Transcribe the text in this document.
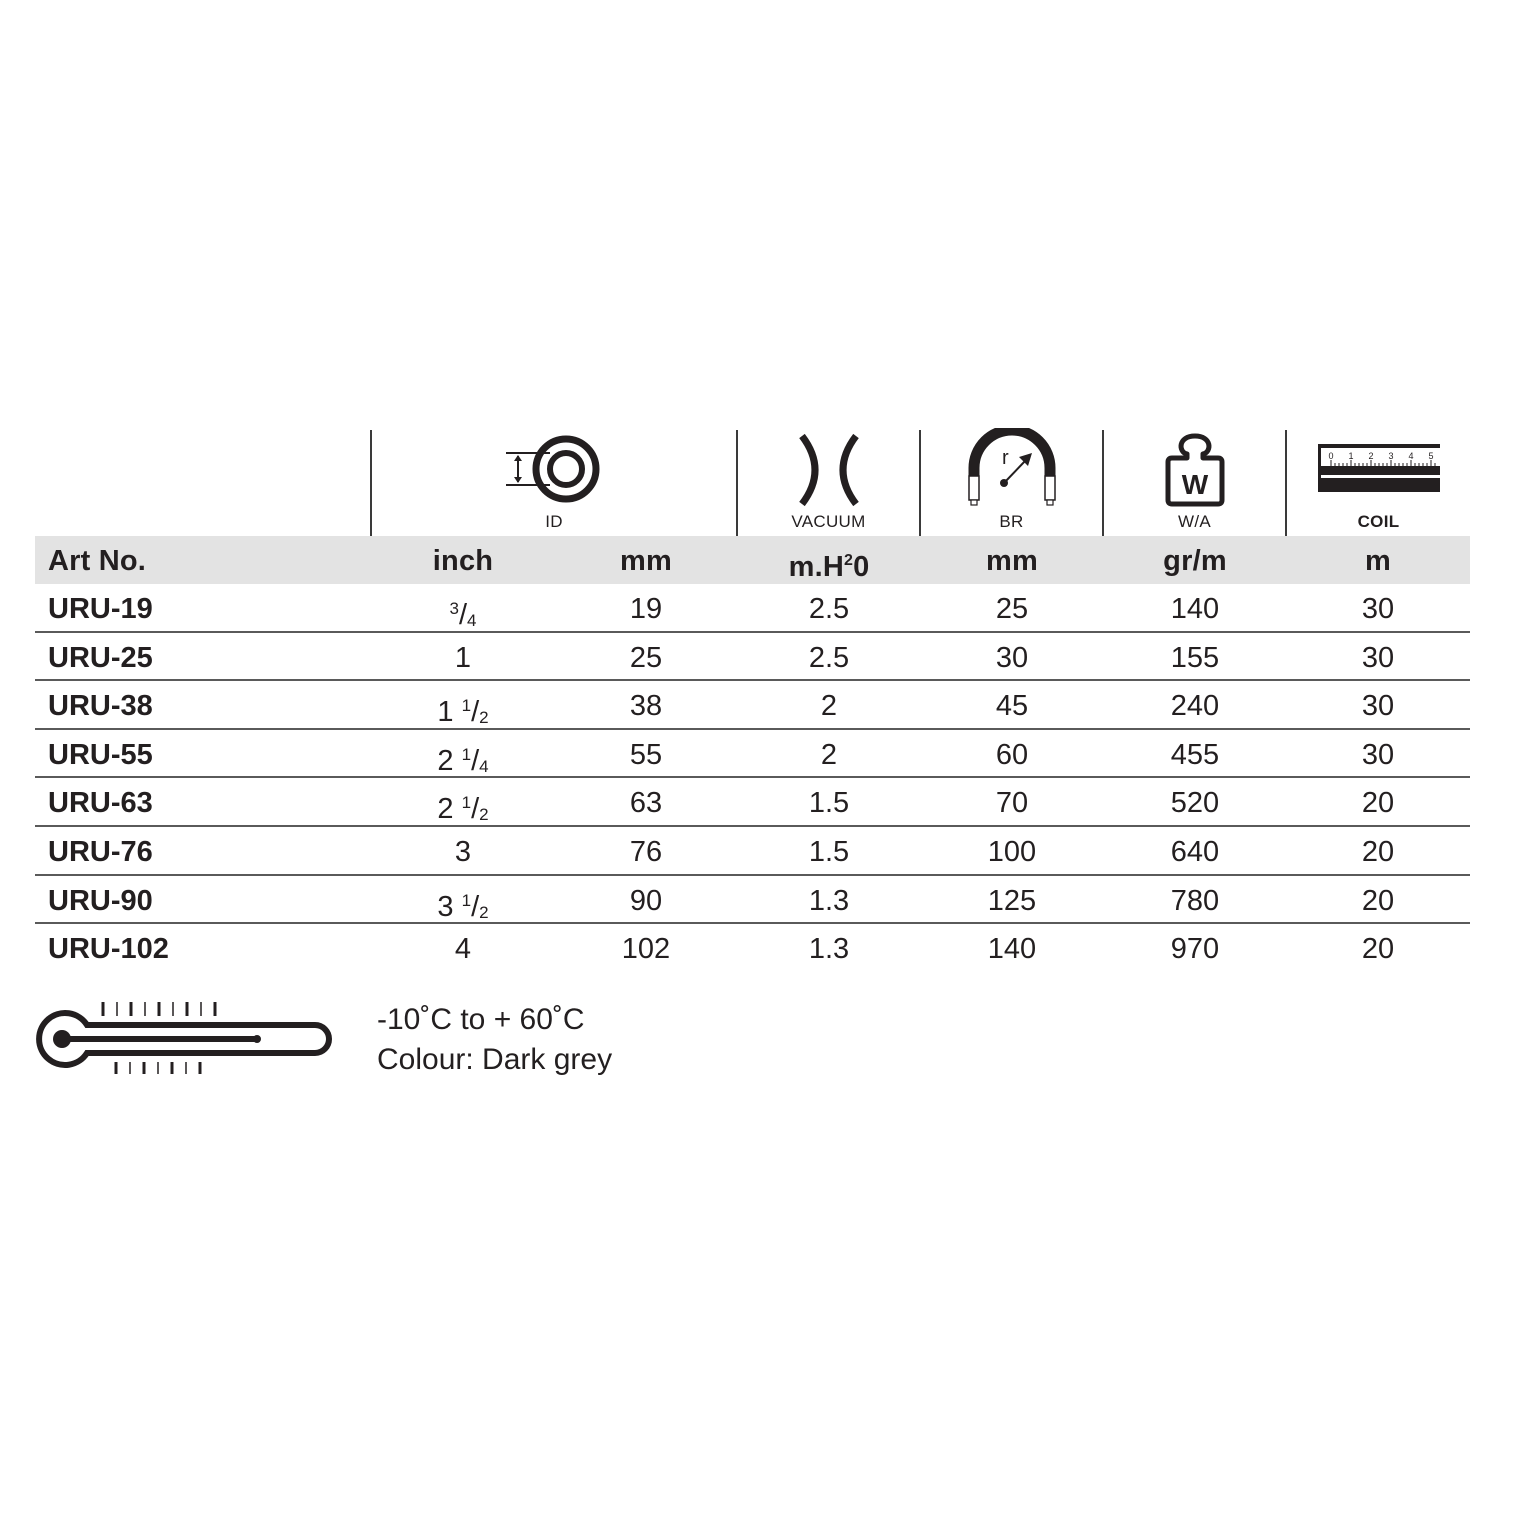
ID	VACUUM
r
BR
W
W/A
0 1 2 3 4 5
COIL
Art No.	inch	mm	$m.H^20$	mm	gr/m	m
URU-19	$^3/_4$	19	2.5	25	140	30
URU-25	1	25	2.5	30	155	30
URU-38	1 $^1/_2$	38	2	45	240	30
URU-55	2 $^1/_4$	55	2	60	455	30
URU-63	2 $^1/_2$	63	1.5	70	520	20
URU-76	3	76	1.5	100	640	20
URU-90	3 $^1/_2$	90	1.3	125	780	20
URU-102	4	102	1.3	140	970	20
-10˚C to + 60˚C
Colour: Dark grey
